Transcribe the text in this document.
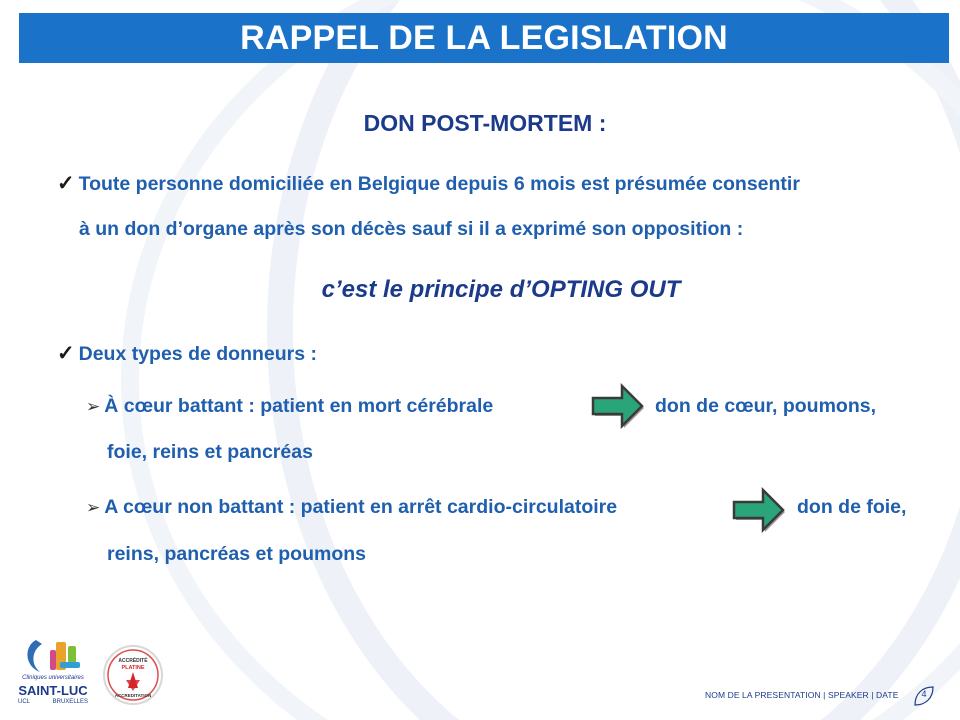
RAPPEL DE LA LEGISLATION
DON POST-MORTEM :
✓ Toute personne domiciliée en Belgique depuis 6 mois est présumée consentir
à un don d’organe après son décès sauf si il a exprimé son opposition :
c’est le principe d’OPTING OUT
✓ Deux types de donneurs :
➢ À cœur battant : patient en mort cérébrale	don de cœur, poumons,
foie, reins et pancréas
➢ A cœur non battant : patient en arrêt cardio-circulatoire	don de foie,
reins, pancréas et poumons
Cliniques universitaires
SAINT-LUC
UCL	BRUXELLES
ACCRÉDITÉ
PLATINE
ACCREDITATION	NOM DE LA PRESENTATION | SPEAKER | DATE	4
